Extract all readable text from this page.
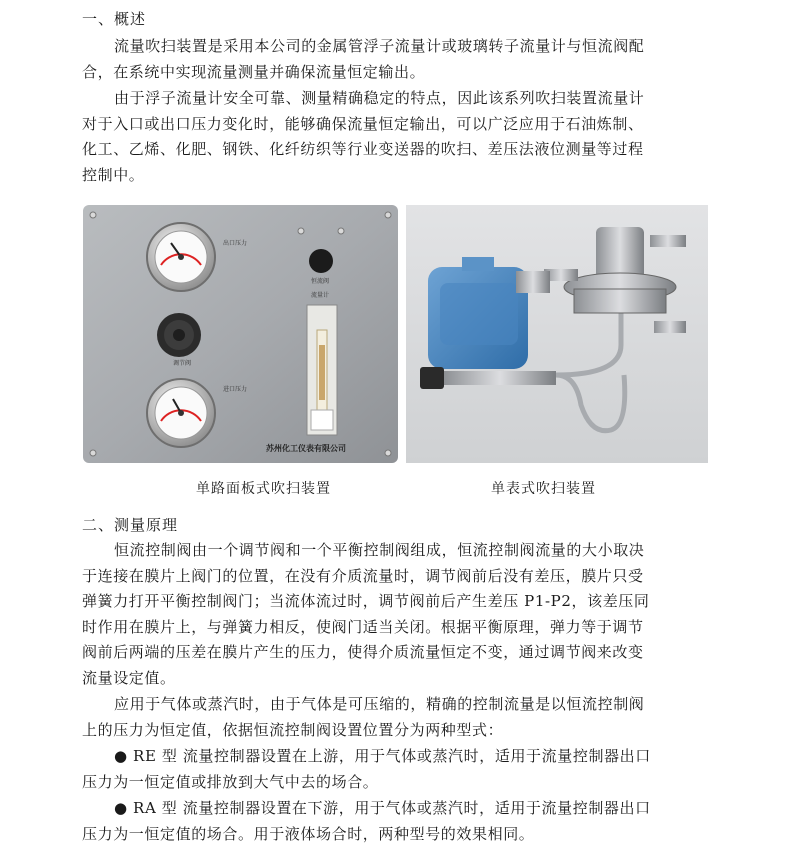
一、概述
流量吹扫装置是采用本公司的金属管浮子流量计或玻璃转子流量计与恒流阀配
合，在系统中实现流量测量并确保流量恒定输出。
由于浮子流量计安全可靠、测量精确稳定的特点，因此该系列吹扫装置流量计
对于入口或出口压力变化时，能够确保流量恒定输出，可以广泛应用于石油炼制、
化工、乙烯、化肥、钢铁、化纤纺织等行业变送器的吹扫、差压法液位测量等过程
控制中。
出口压力
恒流阀
流量计
调节阀
进口压力
苏州化工仪表有限公司
单路面板式吹扫装置	单表式吹扫装置
二、测量原理
恒流控制阀由一个调节阀和一个平衡控制阀组成，恒流控制阀流量的大小取决
于连接在膜片上阀门的位置，在没有介质流量时，调节阀前后没有差压，膜片只受
弹簧力打开平衡控制阀门；当流体流过时，调节阀前后产生差压 P1-P2，该差压同
时作用在膜片上，与弹簧力相反，使阀门适当关闭。根据平衡原理，弹力等于调节
阀前后两端的压差在膜片产生的压力，使得介质流量恒定不变，通过调节阀来改变
流量设定值。
应用于气体或蒸汽时，由于气体是可压缩的，精确的控制流量是以恒流控制阀
上的压力为恒定值，依据恒流控制阀设置位置分为两种型式：
● RE 型 流量控制器设置在上游，用于气体或蒸汽时，适用于流量控制器出口
压力为一恒定值或排放到大气中去的场合。
● RA 型 流量控制器设置在下游，用于气体或蒸汽时，适用于流量控制器出口
压力为一恒定值的场合。用于液体场合时，两种型号的效果相同。
